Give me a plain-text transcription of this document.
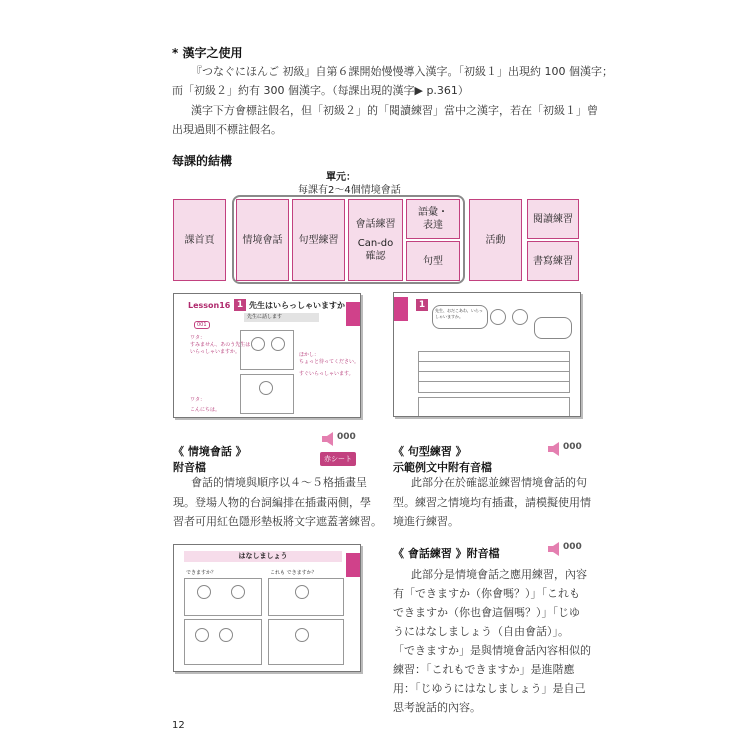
* 漢字之使用
『つなぐにほんご 初級』自第６課開始慢慢導入漢字。「初級１」出現約 100 個漢字；
而「初級２」約有 300 個漢字。（每課出現的漢字▶ p.361）
漢字下方會標註假名，但「初級２」的「閱讀練習」當中之漢字，若在「初級１」曾
出現過則不標註假名。
每課的結構
單元：
每課有2～4個情境會話
課首頁	情境會話 句型練習
會話練習
Can-do
確認
語彙・
表達
句型
活動
閱讀練習
書寫練習
Lesson16 1 先生はいらっしゃいますか
先生に話します
001
ワタ：
すみません、あのう先生は
いらっしゃいますか。	ほかし：
ちょっと待ってください。
すぐいらっしゃいます。
ワタ：
こんにちは。
1
先生、おだこあわ、いらっしゃいますか。
《 情境會話 》
附音檔
000
赤シート
會話的情境與順序以４～５格插畫呈
現。登場人物的台詞編排在插畫兩側，學
習者可用紅色隱形墊板將文字遮蓋著練習。
《 句型練習 》
示範例文中附有音檔
000
此部分在於確認並練習情境會話的句
型。練習之情境均有插畫，請模擬使用情
境進行練習。
はなしましょう
できますか？	これも できますか？
《 會話練習 》附音檔	000
此部分是情境會話之應用練習，內容
有「できますか（你會嗎？）」「これも
できますか（你也會這個嗎？）」「じゆ
うにはなしましょう（自由會話）」。
「できますか」是與情境會話內容相似的
練習：「これもできますか」是進階應
用：「じゆうにはなしましょう」是自己
思考說話的內容。
12
